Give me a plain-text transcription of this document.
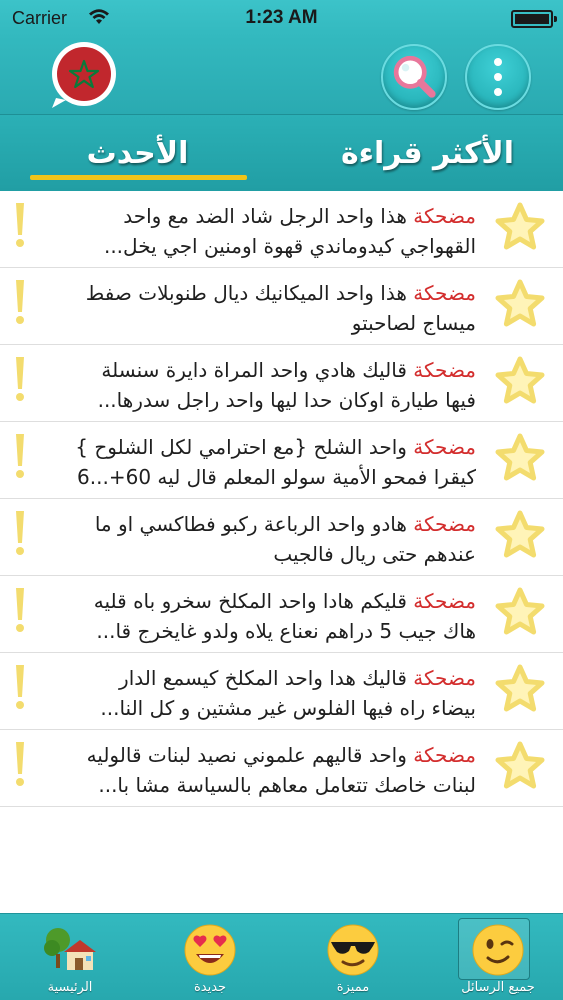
Carrier	1:23 AM
الأحدث	الأكثر قراءة
مضحكة هذا واحد الرجل شاد الضد مع واحد
القهواجي كيدوماندي قهوة اومنين اجي يخل...
مضحكة هذا واحد الميكانيك ديال طنوبلات صفط
ميساج لصاحبتو
مضحكة قاليك هادي واحد المراة دايرة سنسلة
فيها طيارة اوكان حدا ليها واحد راجل سدرها...
مضحكة واحد الشلح {مع احترامي لكل الشلوح }
كيقرا فمحو الأمية سولو المعلم قال ليه 60+...6
مضحكة هادو واحد الرباعة ركبو فطاكسي او ما
عندهم حتى ريال فالجيب
مضحكة قليكم هادا واحد المكلخ سخرو باه قليه
هاك جيب 5 دراهم نعناع يلاه ولدو غايخرج قا...
مضحكة قاليك هدا واحد المكلخ كيسمع الدار
بيضاء راه فيها الفلوس غير مشتين و كل النا...
مضحكة واحد قاليهم علموني نصيد لبنات قالوليه
لبنات خاصك تتعامل معاهم بالسياسة مشا با...
الرئيسية	جديدة	مميزة	جميع الرسائل
